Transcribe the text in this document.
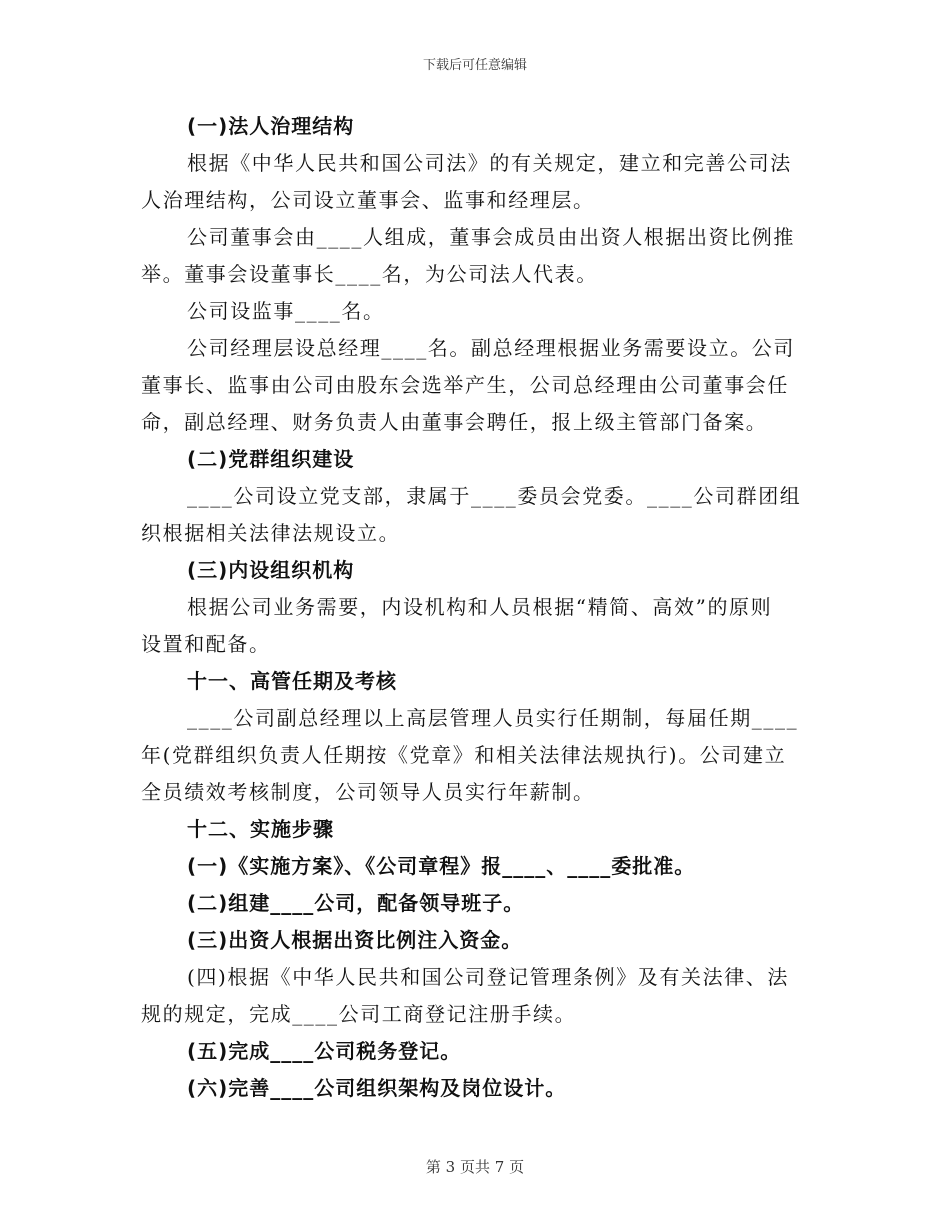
下载后可任意编辑
(一)法人治理结构
根据《中华人民共和国公司法》的有关规定，建立和完善公司法
人治理结构，公司设立董事会、监事和经理层。
公司董事会由____人组成，董事会成员由出资人根据出资比例推
举。董事会设董事长____名，为公司法人代表。
公司设监事____名。
公司经理层设总经理____名。副总经理根据业务需要设立。公司
董事长、监事由公司由股东会选举产生，公司总经理由公司董事会任
命，副总经理、财务负责人由董事会聘任，报上级主管部门备案。
(二)党群组织建设
____公司设立党支部，隶属于____委员会党委。____公司群团组
织根据相关法律法规设立。
(三)内设组织机构
根据公司业务需要，内设机构和人员根据“精简、高效”的原则
设置和配备。
十一、高管任期及考核
____公司副总经理以上高层管理人员实行任期制，每届任期____
年(党群组织负责人任期按《党章》和相关法律法规执行)。公司建立
全员绩效考核制度，公司领导人员实行年薪制。
十二、实施步骤
(一)《实施方案》、《公司章程》报____、____委批准。
(二)组建____公司，配备领导班子。
(三)出资人根据出资比例注入资金。
(四)根据《中华人民共和国公司登记管理条例》及有关法律、法
规的规定，完成____公司工商登记注册手续。
(五)完成____公司税务登记。
(六)完善____公司组织架构及岗位设计。
第 3 页共 7 页
